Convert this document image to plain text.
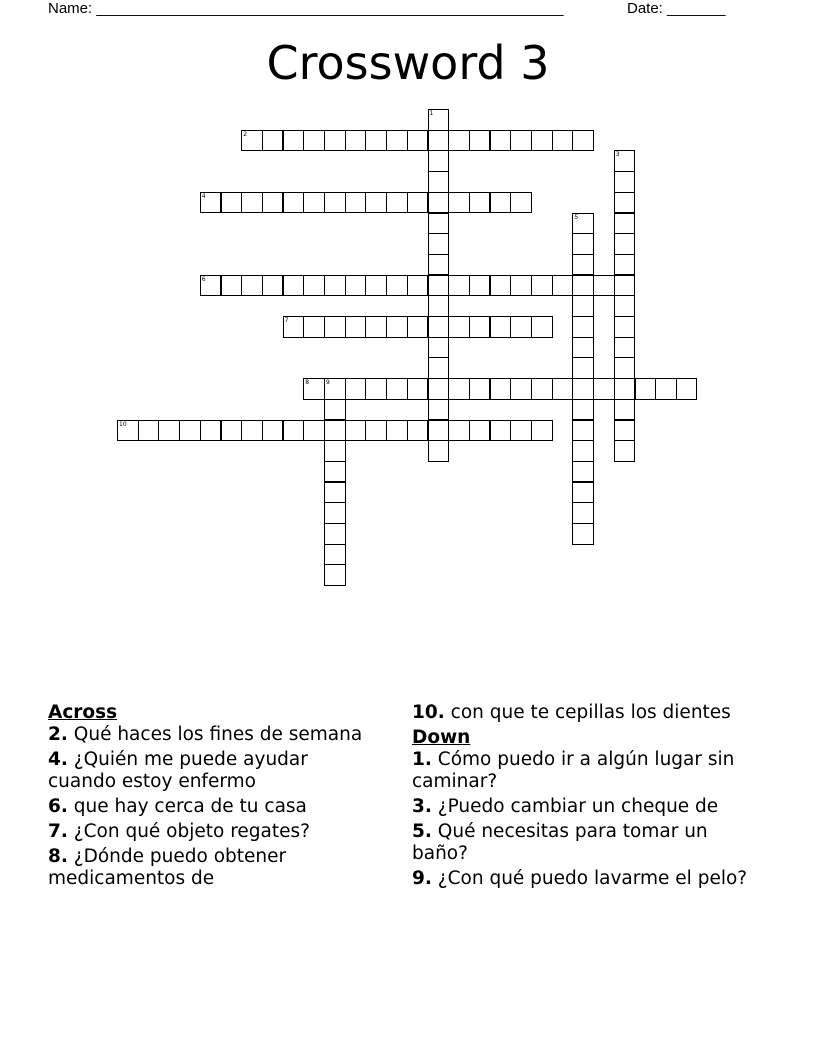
Name: ________________________________________________________	Date: _______
Crossword 3
1
2
3
4
5
6
7
8	9
10
Across
2. Qué haces los fines de semana
4. ¿Quién me puede ayudar cuando estoy enfermo
6. que hay cerca de tu casa
7. ¿Con qué objeto regates?
8. ¿Dónde puedo obtener medicamentos de
10. con que te cepillas los dientes
Down
1. Cómo puedo ir a algún lugar sin caminar?
3. ¿Puedo cambiar un cheque de
5. Qué necesitas para tomar un baño?
9. ¿Con qué puedo lavarme el pelo?
